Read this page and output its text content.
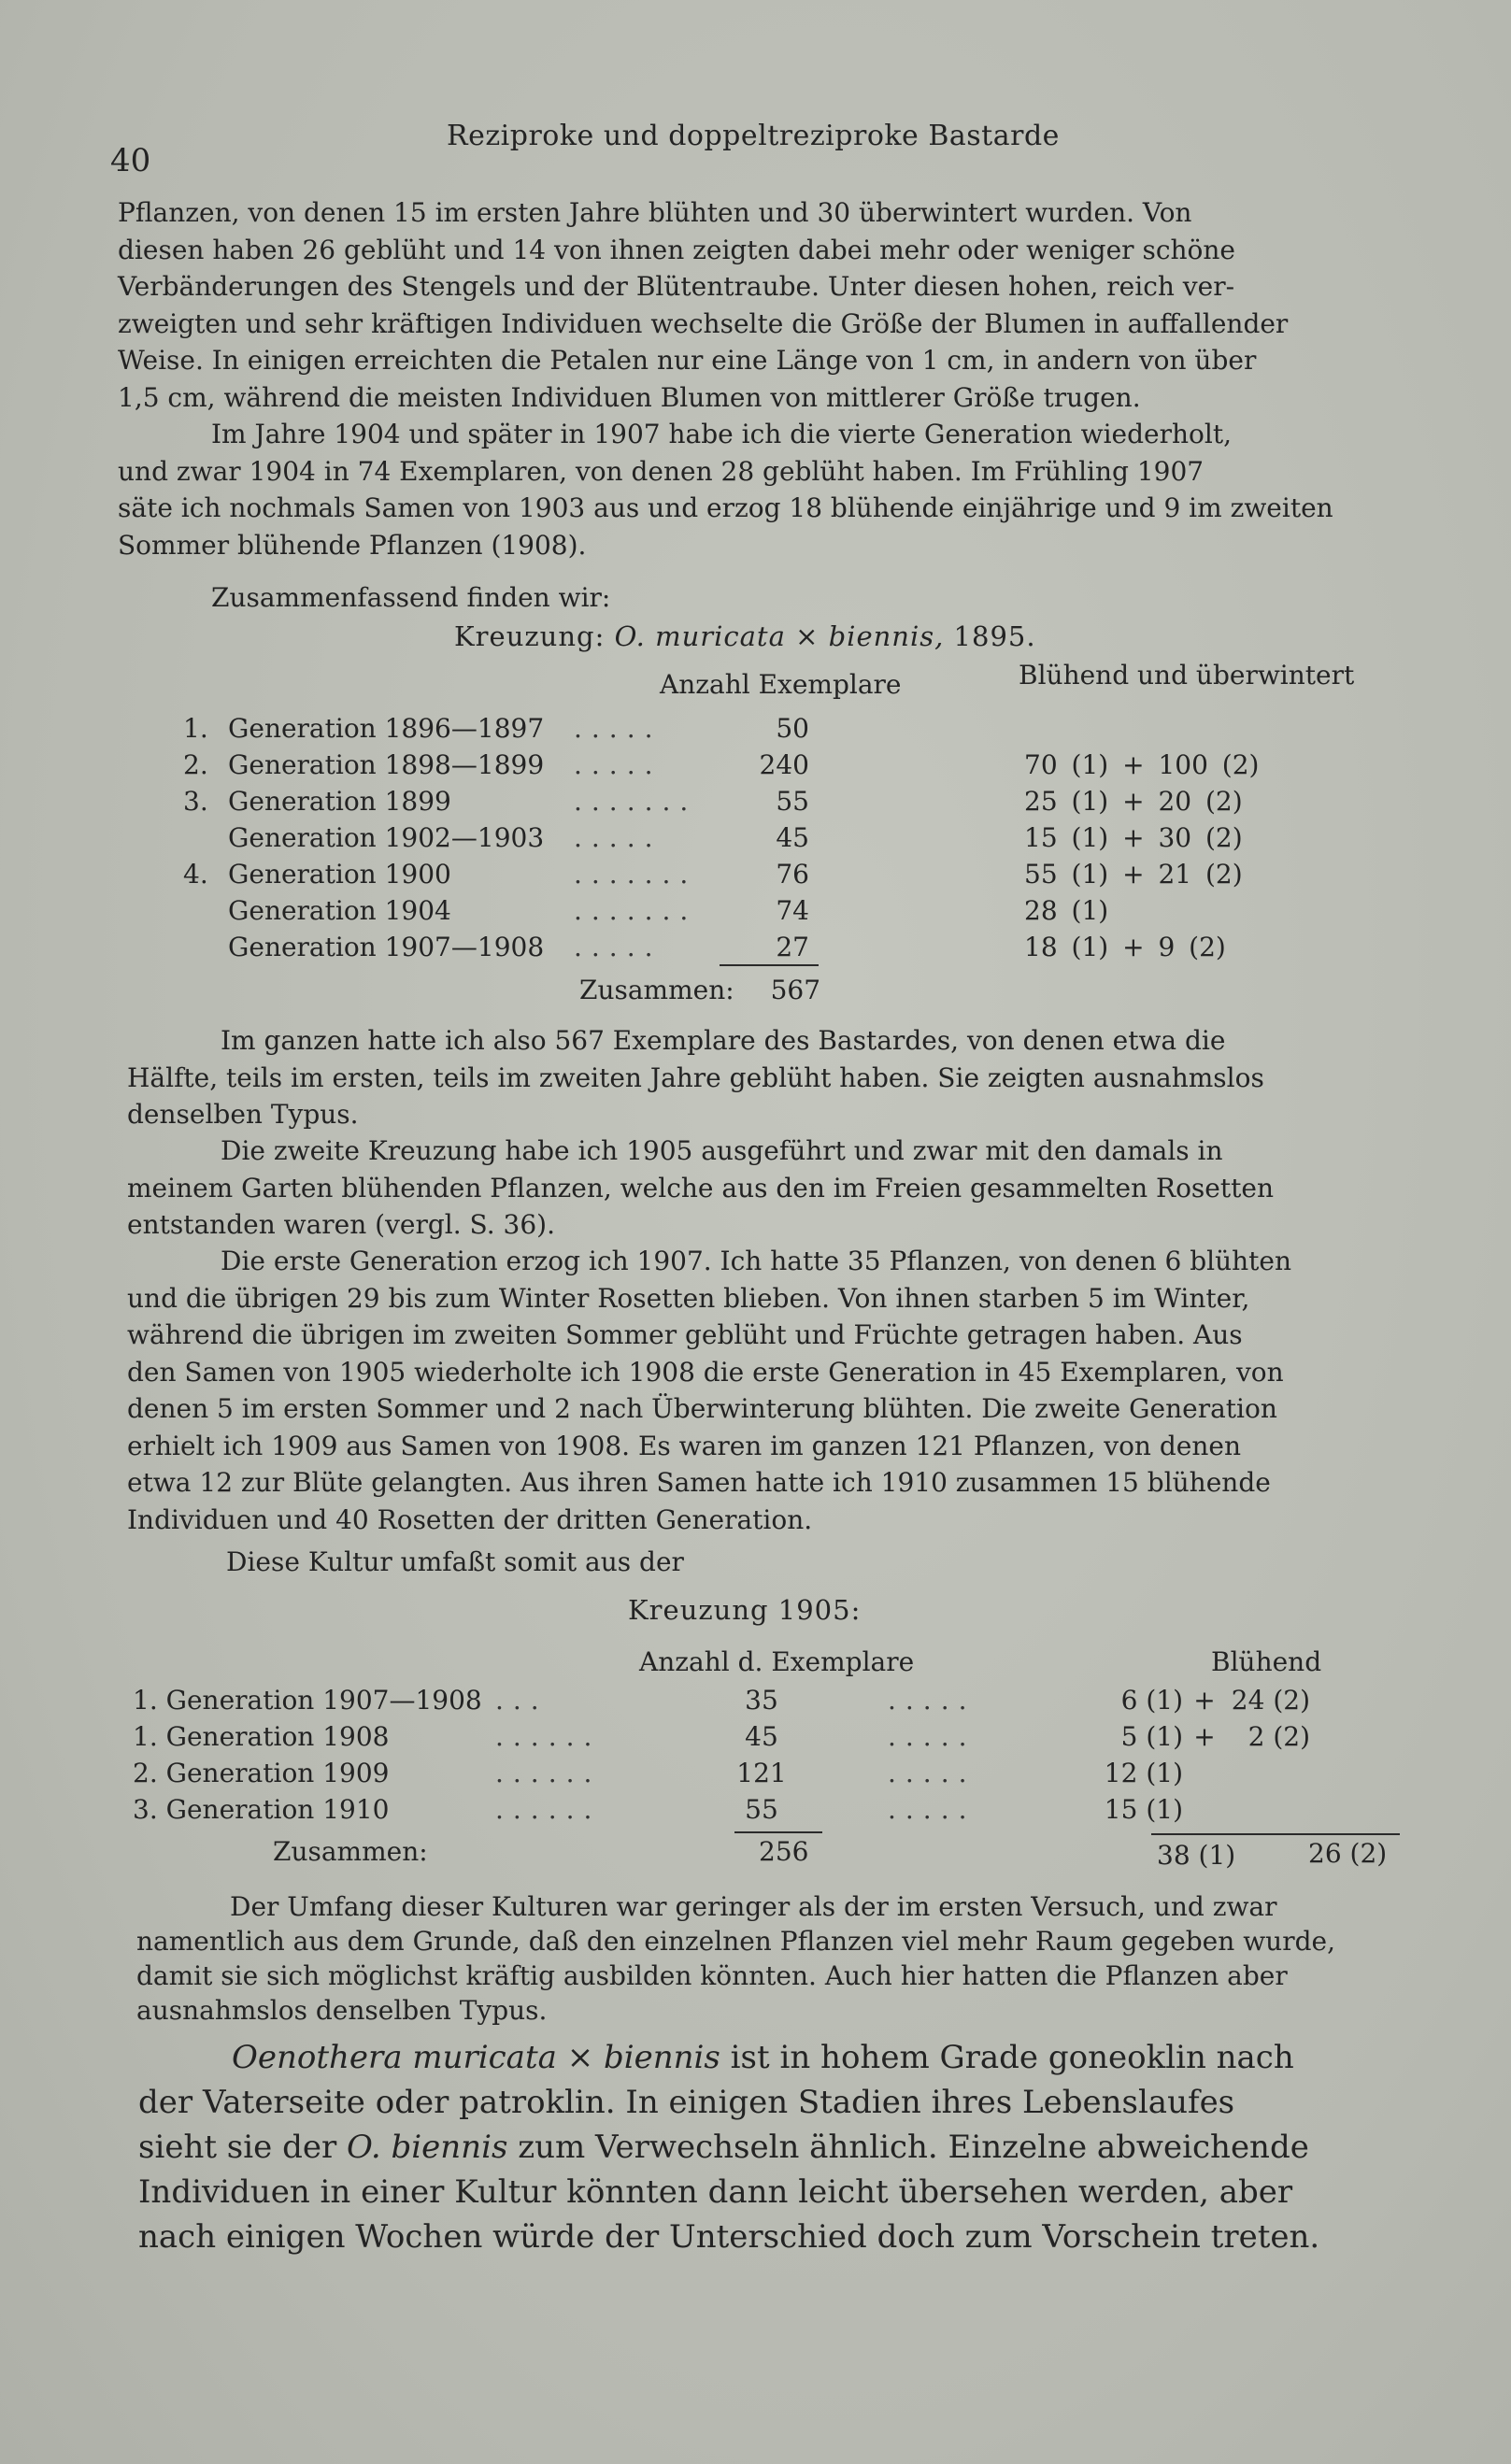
40
Reziproke und doppeltreziproke Bastarde
Pflanzen, von denen 15 im ersten Jahre blühten und 30 überwintert wurden. Von
diesen haben 26 geblüht und 14 von ihnen zeigten dabei mehr oder weniger schöne
Verbänderungen des Stengels und der Blütentraube. Unter diesen hohen, reich ver-
zweigten und sehr kräftigen Individuen wechselte die Größe der Blumen in auffallender
Weise. In einigen erreichten die Petalen nur eine Länge von 1 cm, in andern von über
1,5 cm, während die meisten Individuen Blumen von mittlerer Größe trugen.
Im Jahre 1904 und später in 1907 habe ich die vierte Generation wiederholt,
und zwar 1904 in 74 Exemplaren, von denen 28 geblüht haben. Im Frühling 1907
säte ich nochmals Samen von 1903 aus und erzog 18 blühende einjährige und 9 im zweiten
Sommer blühende Pflanzen (1908).
Zusammenfassend finden wir:
Kreuzung: O. muricata × biennis, 1895.
Anzahl Exemplare	Blühend und überwintert
1.	Generation 1896—1897	.....	50	
2.	Generation 1898—1899	.....	240	70 (1) + 100 (2)
3.	Generation 1899	.......	55	25 (1) + 20 (2)
	Generation 1902—1903	.....	45	15 (1) + 30 (2)
4.	Generation 1900	.......	76	55 (1) + 21 (2)
	Generation 1904	.......	74	28 (1)
	Generation 1907—1908	.....	27	18 (1) + 9 (2)
Zusammen: 567
Im ganzen hatte ich also 567 Exemplare des Bastardes, von denen etwa die
Hälfte, teils im ersten, teils im zweiten Jahre geblüht haben. Sie zeigten ausnahmslos
denselben Typus.
Die zweite Kreuzung habe ich 1905 ausgeführt und zwar mit den damals in
meinem Garten blühenden Pflanzen, welche aus den im Freien gesammelten Rosetten
entstanden waren (vergl. S. 36).
Die erste Generation erzog ich 1907. Ich hatte 35 Pflanzen, von denen 6 blühten
und die übrigen 29 bis zum Winter Rosetten blieben. Von ihnen starben 5 im Winter,
während die übrigen im zweiten Sommer geblüht und Früchte getragen haben. Aus
den Samen von 1905 wiederholte ich 1908 die erste Generation in 45 Exemplaren, von
denen 5 im ersten Sommer und 2 nach Überwinterung blühten. Die zweite Generation
erhielt ich 1909 aus Samen von 1908. Es waren im ganzen 121 Pflanzen, von denen
etwa 12 zur Blüte gelangten. Aus ihren Samen hatte ich 1910 zusammen 15 blühende
Individuen und 40 Rosetten der dritten Generation.
Diese Kultur umfaßt somit aus der
Kreuzung 1905:
Anzahl d. Exemplare	Blühend
1. Generation 1907—1908	...	35	.....	6 (1)	+	24 (2)
1. Generation 1908	......	45	.....	5 (1)	+	2 (2)
2. Generation 1909	......	121	.....	12 (1)		
3. Generation 1910	......	55	.....	15 (1)		
Zusammen:	256	38 (1)	26 (2)
Der Umfang dieser Kulturen war geringer als der im ersten Versuch, und zwar
namentlich aus dem Grunde, daß den einzelnen Pflanzen viel mehr Raum gegeben wurde,
damit sie sich möglichst kräftig ausbilden könnten. Auch hier hatten die Pflanzen aber
ausnahmslos denselben Typus.
Oenothera muricata × biennis ist in hohem Grade goneoklin nach
der Vaterseite oder patroklin. In einigen Stadien ihres Lebenslaufes
sieht sie der O. biennis zum Verwechseln ähnlich. Einzelne abweichende
Individuen in einer Kultur könnten dann leicht übersehen werden, aber
nach einigen Wochen würde der Unterschied doch zum Vorschein treten.
